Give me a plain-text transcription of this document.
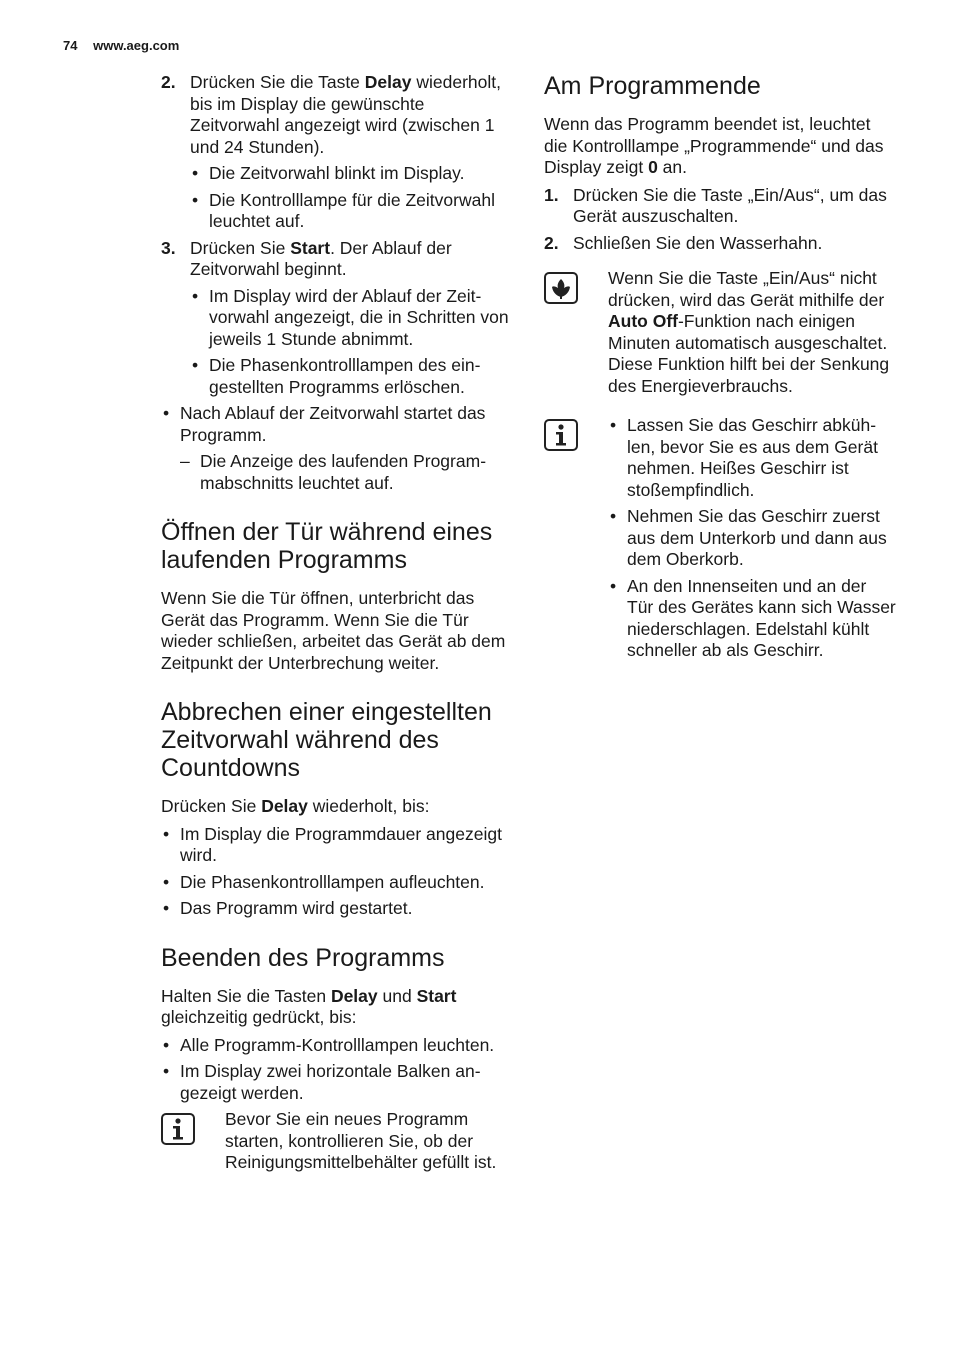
74 www.aeg.com
2. Drücken Sie die Taste Delay wiederholt, bis im Display die gewünschte Zeitvorwahl angezeigt wird (zwischen 1 und 24 Stunden).
• Die Zeitvorwahl blinkt im Display.
• Die Kontrolllampe für die Zeitvorwahl leuchtet auf.
3. Drücken Sie Start. Der Ablauf der Zeitvorwahl beginnt.
• Im Display wird der Ablauf der Zeitvorwahl angezeigt, die in Schritten von jeweils 1 Stunde abnimmt.
• Die Phasenkontrolllampen des eingestellten Programms erlöschen.
• Nach Ablauf der Zeitvorwahl startet das Programm.
– Die Anzeige des laufenden Programmabschnitts leuchtet auf.
Öffnen der Tür während eines laufenden Programms

Wenn Sie die Tür öffnen, unterbricht das Gerät das Programm. Wenn Sie die Tür wieder schließen, arbeitet das Gerät ab dem Zeitpunkt der Unterbrechung weiter.

Abbrechen einer eingestellten Zeitvorwahl während des Countdowns

Drücken Sie Delay wiederholt, bis:

• Im Display die Programmdauer angezeigt wird.
• Die Phasenkontrolllampen aufleuchten.
• Das Programm wird gestartet.
Beenden des Programms

Halten Sie die Tasten Delay und Start gleichzeitig gedrückt, bis:

• Alle Programm-Kontrolllampen leuchten.
• Im Display zwei horizontale Balken angezeigt werden.
Bevor Sie ein neues Programm starten, kontrollieren Sie, ob der Reinigungsmittelbehälter gefüllt ist.
Am Programmende

Wenn das Programm beendet ist, leuchtet die Kontrolllampe „Programmende“ und das Display zeigt 0 an.

1. Drücken Sie die Taste „Ein/Aus“, um das Gerät auszuschalten.
2. Schließen Sie den Wasserhahn.
Wenn Sie die Taste „Ein/Aus“ nicht drücken, wird das Gerät mithilfe der Auto Off-Funktion nach einigen Minuten automatisch ausgeschaltet. Diese Funktion hilft bei der Senkung des Energieverbrauchs.
• Lassen Sie das Geschirr abkühlen, bevor Sie es aus dem Gerät nehmen. Heißes Geschirr ist stoßempfindlich.
• Nehmen Sie das Geschirr zuerst aus dem Unterkorb und dann aus dem Oberkorb.
• An den Innenseiten und an der Tür des Gerätes kann sich Wasser niederschlagen. Edelstahl kühlt schneller ab als Geschirr.
